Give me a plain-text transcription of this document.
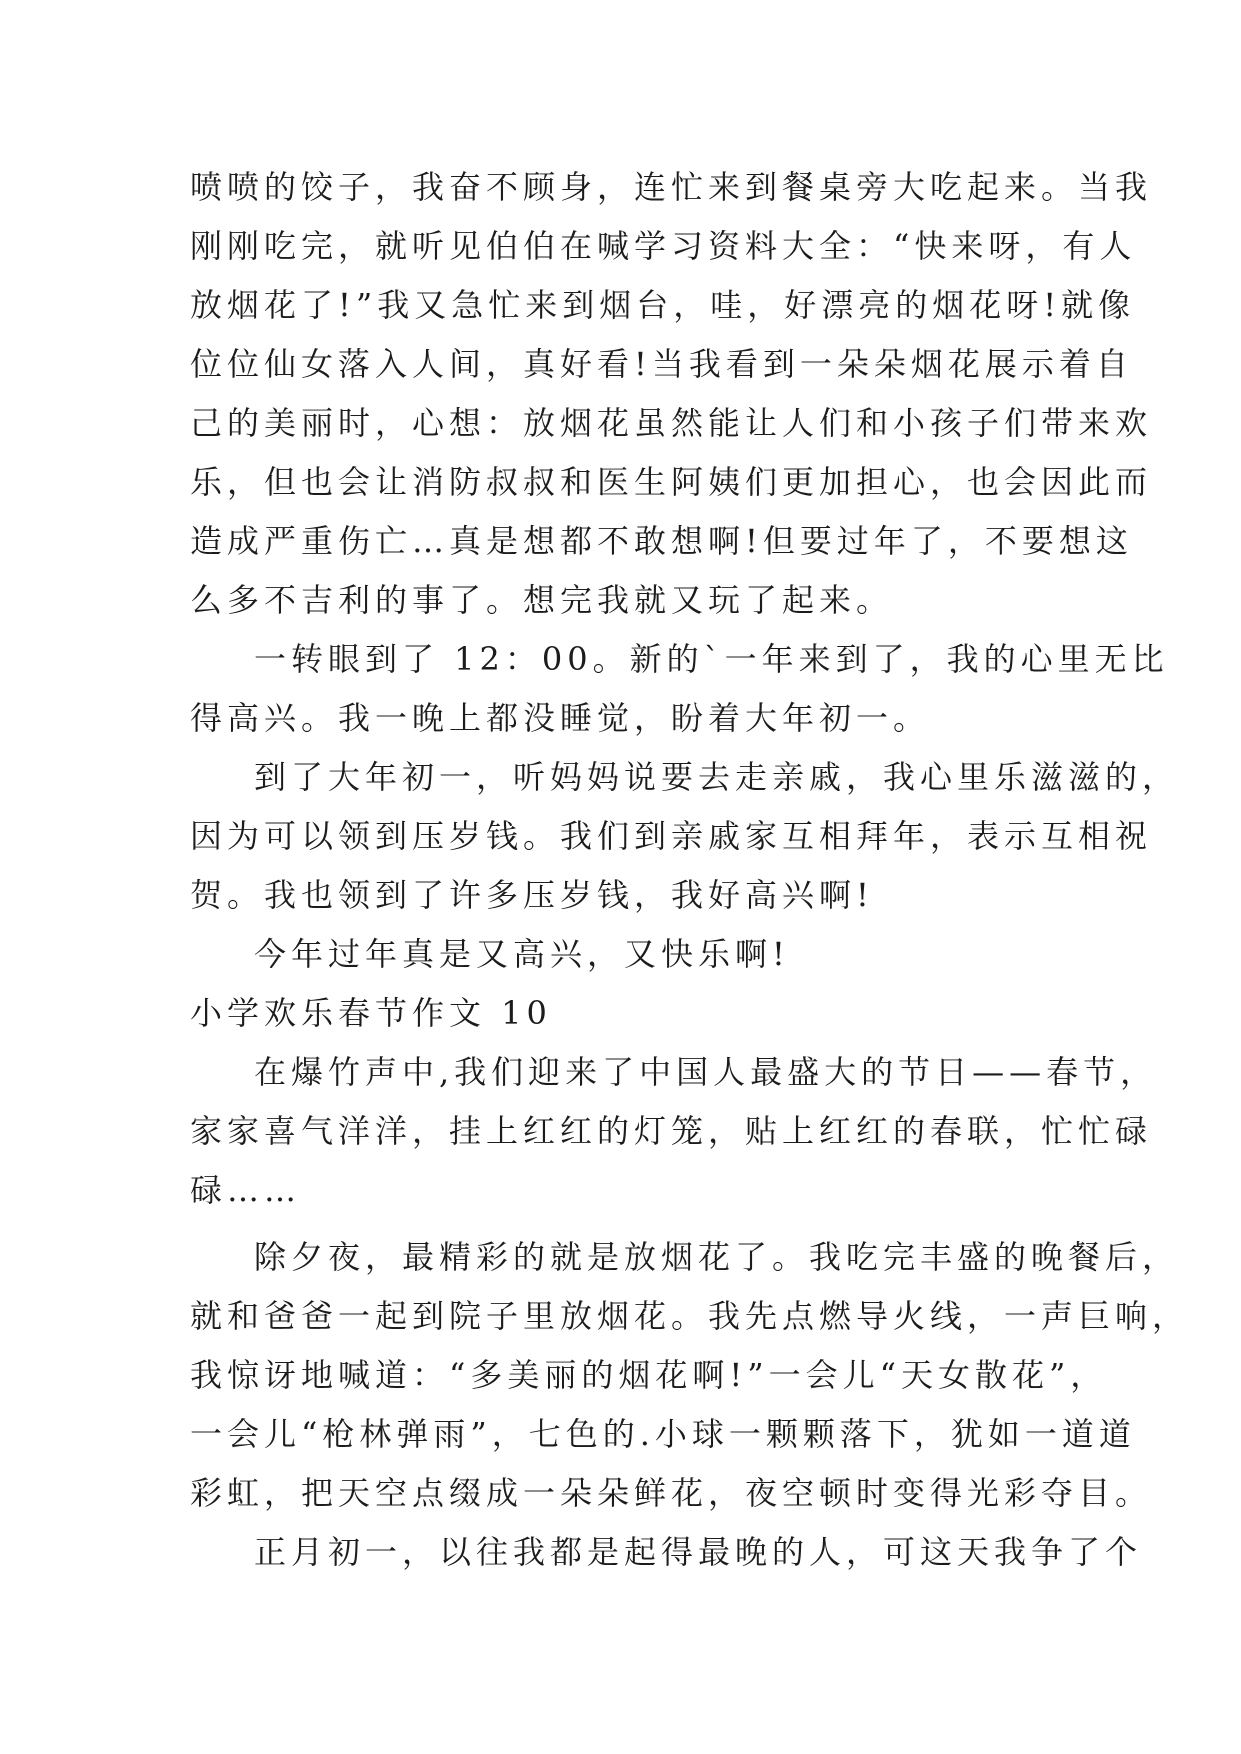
喷喷的饺子，我奋不顾身，连忙来到餐桌旁大吃起来。当我
刚刚吃完，就听见伯伯在喊学习资料大全：“快来呀，有人
放烟花了!”我又急忙来到烟台，哇，好漂亮的烟花呀!就像
位位仙女落入人间，真好看!当我看到一朵朵烟花展示着自
己的美丽时，心想：放烟花虽然能让人们和小孩子们带来欢
乐，但也会让消防叔叔和医生阿姨们更加担心，也会因此而
造成严重伤亡…真是想都不敢想啊!但要过年了，不要想这
么多不吉利的事了。想完我就又玩了起来。
一转眼到了 12：00。新的`一年来到了，我的心里无比
得高兴。我一晚上都没睡觉，盼着大年初一。
到了大年初一，听妈妈说要去走亲戚，我心里乐滋滋的，
因为可以领到压岁钱。我们到亲戚家互相拜年，表示互相祝
贺。我也领到了许多压岁钱，我好高兴啊!
今年过年真是又高兴，又快乐啊!
小学欢乐春节作文 10
在爆竹声中,我们迎来了中国人最盛大的节日——春节，
家家喜气洋洋，挂上红红的灯笼，贴上红红的春联，忙忙碌
碌……
除夕夜，最精彩的就是放烟花了。我吃完丰盛的晚餐后，
就和爸爸一起到院子里放烟花。我先点燃导火线，一声巨响，
我惊讶地喊道：“多美丽的烟花啊!”一会儿“天女散花”，
一会儿“枪林弹雨”，七色的.小球一颗颗落下，犹如一道道
彩虹，把天空点缀成一朵朵鲜花，夜空顿时变得光彩夺目。
正月初一，以往我都是起得最晚的人，可这天我争了个
